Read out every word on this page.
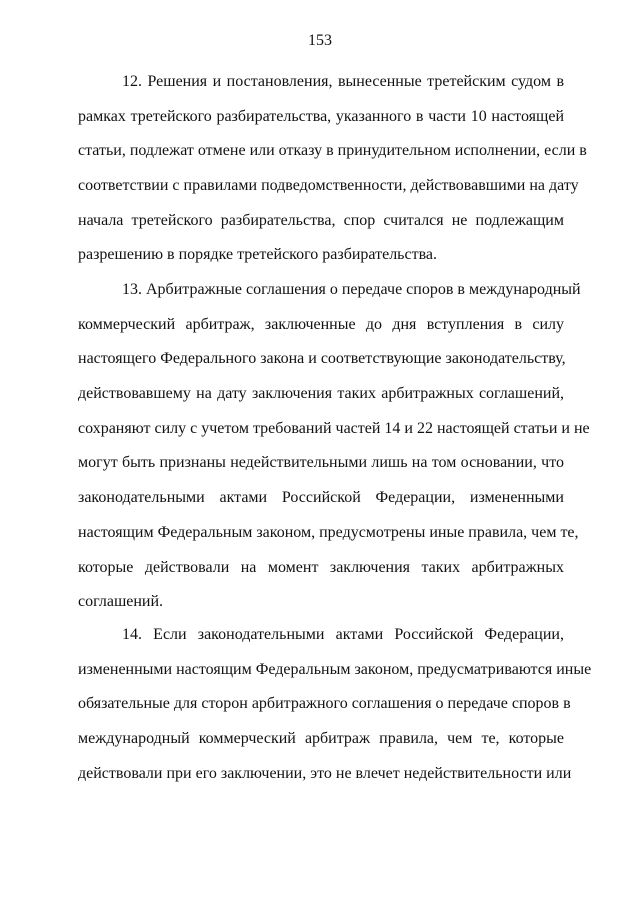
153
12. Решения и постановления, вынесенные третейским судом в
рамках третейского разбирательства, указанного в части 10 настоящей
статьи, подлежат отмене или отказу в принудительном исполнении, если в
соответствии с правилами подведомственности, действовавшими на дату
начала третейского разбирательства, спор считался не подлежащим
разрешению в порядке третейского разбирательства.
13. Арбитражные соглашения о передаче споров в международный
коммерческий арбитраж, заключенные до дня вступления в силу
настоящего Федерального закона и соответствующие законодательству,
действовавшему на дату заключения таких арбитражных соглашений,
сохраняют силу с учетом требований частей 14 и 22 настоящей статьи и не
могут быть признаны недействительными лишь на том основании, что
законодательными актами Российской Федерации, измененными
настоящим Федеральным законом, предусмотрены иные правила, чем те,
которые действовали на момент заключения таких арбитражных
соглашений.
14. Если законодательными актами Российской Федерации,
измененными настоящим Федеральным законом, предусматриваются иные
обязательные для сторон арбитражного соглашения о передаче споров в
международный коммерческий арбитраж правила, чем те, которые
действовали при его заключении, это не влечет недействительности или
